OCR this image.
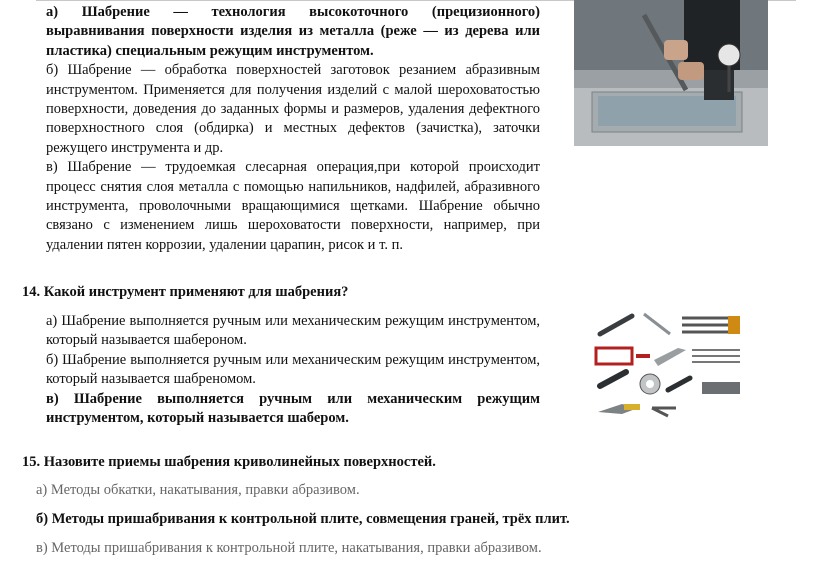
а) Шабрение — технология высокоточного (прецизионного) выравнивания поверхности изделия из металла (реже — из дерева или пластика) специальным режущим инструментом.

б) Шабрение — обработка поверхностей заготовок резанием абразивным инструментом. Применяется для получения изделий с малой шероховатостью поверхности, доведения до заданных формы и размеров, удаления дефектного поверхностного слоя (обдирка) и местных дефектов (зачистка), заточки режущего инструмента и др.

в) Шабрение — трудоемкая слесарная операция,при которой происходит процесс снятия слоя металла с помощью напильников, надфилей, абразивного инструмента, проволочными вращающимися щетками. Шабрение обычно связано с изменением лишь шероховатости поверхности, например, при удалении пятен коррозии, удалении царапин, рисок и т. п.

14. Какой инструмент применяют для шабрения?

а) Шабрение выполняется ручным или механическим режущим инструментом, который называется шабероном.

б) Шабрение выполняется ручным или механическим режущим инструментом, который называется шабреномом.

в) Шабрение выполняется ручным или механическим режущим инструментом, который называется шабером.

15. Назовите приемы шабрения криволинейных поверхностей.
а) Методы обкатки, накатывания, правки абразивом.
б) Методы пришабривания к контрольной плите, совмещения граней, трёх плит.
в) Методы пришабривания к контрольной плите, накатывания, правки абразивом.
